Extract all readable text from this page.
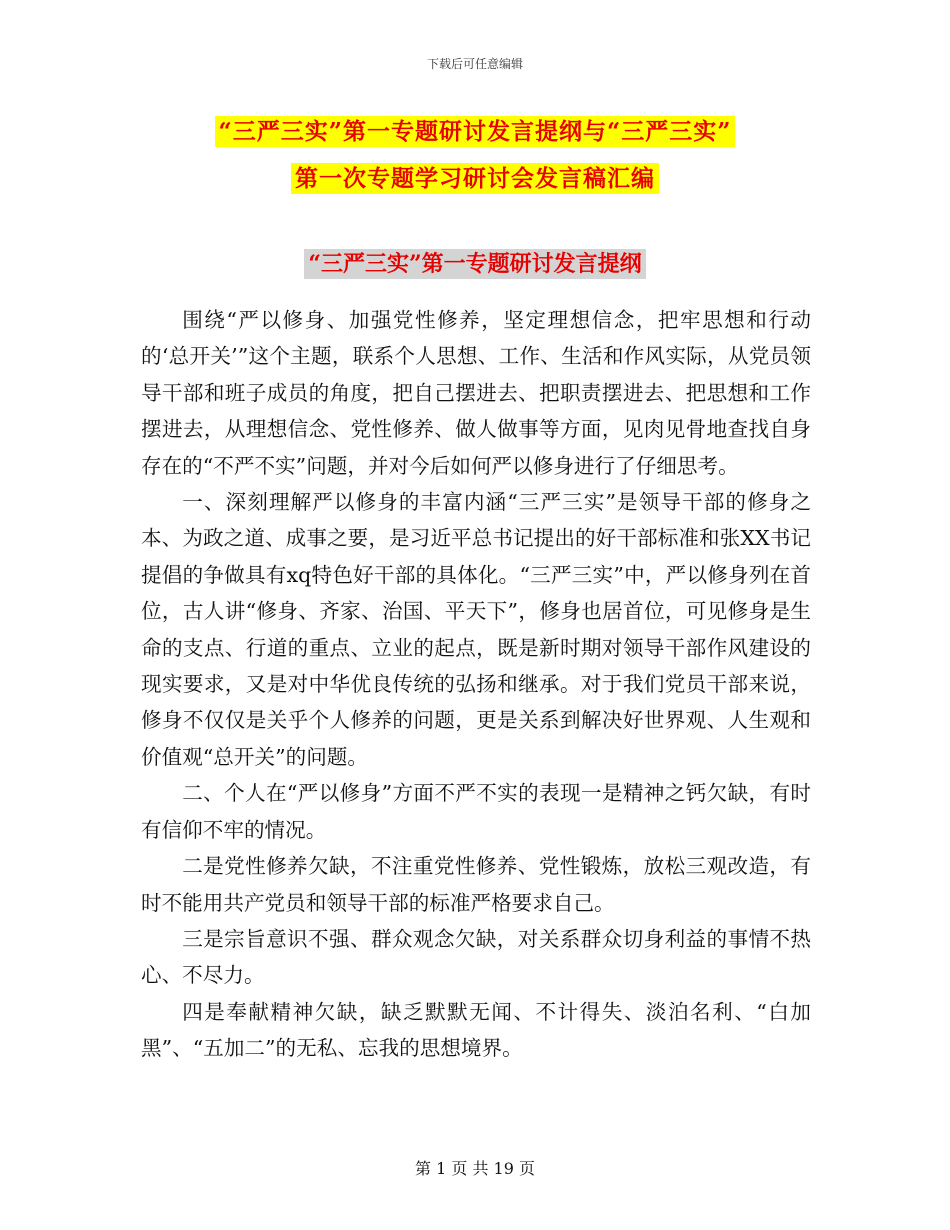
下载后可任意编辑
“三严三实”第一专题研讨发言提纲与“三严三实”
第一次专题学习研讨会发言稿汇编
“三严三实”第一专题研讨发言提纲

围绕“严以修身、加强党性修养，坚定理想信念，把牢思想和行动的‘总开关’”这个主题，联系个人思想、工作、生活和作风实际，从党员领导干部和班子成员的角度，把自己摆进去、把职责摆进去、把思想和工作摆进去，从理想信念、党性修养、做人做事等方面，见肉见骨地查找自身存在的“不严不实”问题，并对今后如何严以修身进行了仔细思考。

一、深刻理解严以修身的丰富内涵“三严三实”是领导干部的修身之本、为政之道、成事之要，是习近平总书记提出的好干部标准和张XX书记提倡的争做具有xq特色好干部的具体化。“三严三实”中，严以修身列在首位，古人讲“修身、齐家、治国、平天下”，修身也居首位，可见修身是生命的支点、行道的重点、立业的起点，既是新时期对领导干部作风建设的现实要求，又是对中华优良传统的弘扬和继承。对于我们党员干部来说，修身不仅仅是关乎个人修养的问题，更是关系到解决好世界观、人生观和价值观“总开关”的问题。

二、个人在“严以修身”方面不严不实的表现一是精神之钙欠缺，有时有信仰不牢的情况。

二是党性修养欠缺，不注重党性修养、党性锻炼，放松三观改造，有时不能用共产党员和领导干部的标准严格要求自己。

三是宗旨意识不强、群众观念欠缺，对关系群众切身利益的事情不热心、不尽力。

四是奉献精神欠缺，缺乏默默无闻、不计得失、淡泊名利、“白加黑”、“五加二”的无私、忘我的思想境界。

第 1 页 共 19 页
